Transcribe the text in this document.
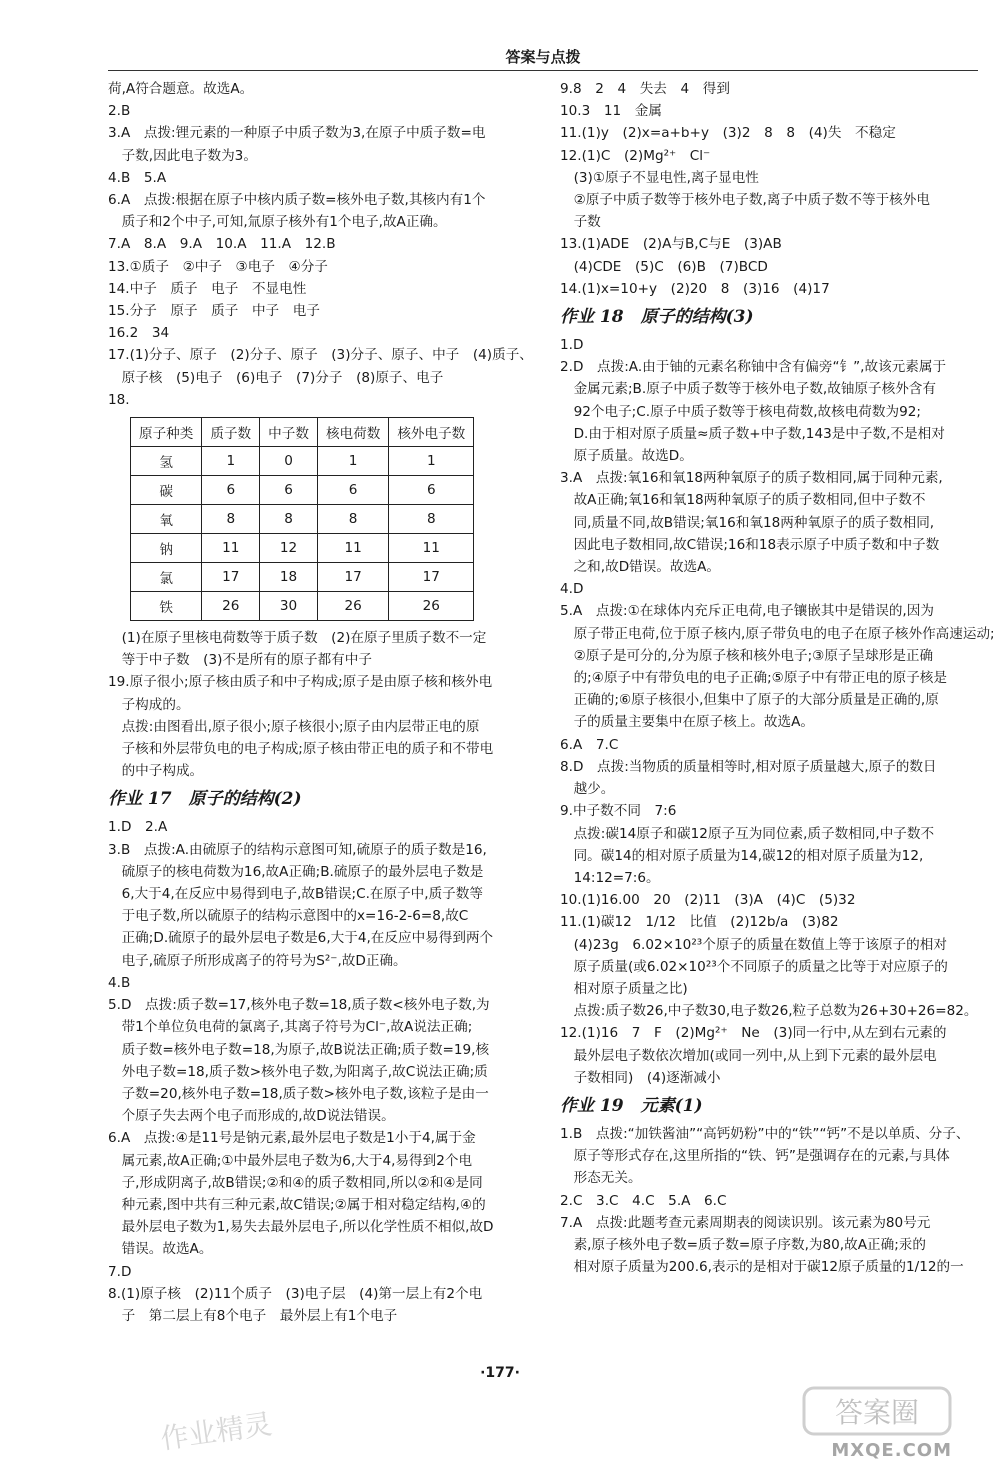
答案与点拨

荷,A符合题意。故选A。

2.B

3.A　点拨:锂元素的一种原子中质子数为3,在原子中质子数=电

　子数,因此电子数为3。

4.B　5.A

6.A　点拨:根据在原子中核内质子数=核外电子数,其核内有1个

　质子和2个中子,可知,氚原子核外有1个电子,故A正确。

7.A　8.A　9.A　10.A　11.A　12.B

13.①质子　②中子　③电子　④分子

14.中子　质子　电子　不显电性

15.分子　原子　质子　中子　电子

16.2　34

17.(1)分子、原子　(2)分子、原子　(3)分子、原子、中子　(4)质子、

　原子核　(5)电子　(6)电子　(7)分子　(8)原子、电子

18.

原子种类	质子数	中子数	核电荷数	核外电子数
氢	1	0	1	1
碳	6	6	6	6
氧	8	8	8	8
钠	11	12	11	11
氯	17	18	17	17
铁	26	30	26	26

　(1)在原子里核电荷数等于质子数　(2)在原子里质子数不一定

　等于中子数　(3)不是所有的原子都有中子

19.原子很小;原子核由质子和中子构成;原子是由原子核和核外电

　子构成的。

　点拨:由图看出,原子很小;原子核很小;原子由内层带正电的原

　子核和外层带负电的电子构成;原子核由带正电的质子和不带电

　的中子构成。

作业 17　原子的结构(2)

1.D　2.A

3.B　点拨:A.由硫原子的结构示意图可知,硫原子的质子数是16,

　硫原子的核电荷数为16,故A正确;B.硫原子的最外层电子数是

　6,大于4,在反应中易得到电子,故B错误;C.在原子中,质子数等

　于电子数,所以硫原子的结构示意图中的x=16-2-6=8,故C

　正确;D.硫原子的最外层电子数是6,大于4,在反应中易得到两个

　电子,硫原子所形成离子的符号为S²⁻,故D正确。

4.B

5.D　点拨:质子数=17,核外电子数=18,质子数<核外电子数,为

　带1个单位负电荷的氯离子,其离子符号为Cl⁻,故A说法正确;

　质子数=核外电子数=18,为原子,故B说法正确;质子数=19,核

　外电子数=18,质子数>核外电子数,为阳离子,故C说法正确;质

　子数=20,核外电子数=18,质子数>核外电子数,该粒子是由一

　个原子失去两个电子而形成的,故D说法错误。

6.A　点拨:④是11号是钠元素,最外层电子数是1小于4,属于金

　属元素,故A正确;①中最外层电子数为6,大于4,易得到2个电

　子,形成阴离子,故B错误;②和④的质子数相同,所以②和④是同

　种元素,图中共有三种元素,故C错误;②属于相对稳定结构,④的

　最外层电子数为1,易失去最外层电子,所以化学性质不相似,故D

　错误。故选A。

7.D

8.(1)原子核　(2)11个质子　(3)电子层　(4)第一层上有2个电

　子　第二层上有8个电子　最外层上有1个电子

9.8　2　4　失去　4　得到

10.3　11　金属

11.(1)y　(2)x=a+b+y　(3)2　8　8　(4)失　不稳定

12.(1)C　(2)Mg²⁺　Cl⁻

　(3)①原子不显电性,离子显电性

　②原子中质子数等于核外电子数,离子中质子数不等于核外电

　子数

13.(1)ADE　(2)A与B,C与E　(3)AB

　(4)CDE　(5)C　(6)B　(7)BCD

14.(1)x=10+y　(2)20　8　(3)16　(4)17

作业 18　原子的结构(3)

1.D

2.D　点拨:A.由于铀的元素名称铀中含有偏旁“钅”,故该元素属于

　金属元素;B.原子中质子数等于核外电子数,故铀原子核外含有

　92个电子;C.原子中质子数等于核电荷数,故核电荷数为92;

　D.由于相对原子质量≈质子数+中子数,143是中子数,不是相对

　原子质量。故选D。

3.A　点拨:氧16和氧18两种氧原子的质子数相同,属于同种元素,

　故A正确;氧16和氧18两种氧原子的质子数相同,但中子数不

　同,质量不同,故B错误;氧16和氧18两种氧原子的质子数相同,

　因此电子数相同,故C错误;16和18表示原子中质子数和中子数

　之和,故D错误。故选A。

4.D

5.A　点拨:①在球体内充斥正电荷,电子镶嵌其中是错误的,因为

　原子带正电荷,位于原子核内,原子带负电的电子在原子核外作高速运动;

　②原子是可分的,分为原子核和核外电子;③原子呈球形是正确

　的;④原子中有带负电的电子正确;⑤原子中有带正电的原子核是

　正确的;⑥原子核很小,但集中了原子的大部分质量是正确的,原

　子的质量主要集中在原子核上。故选A。

6.A　7.C

8.D　点拨:当物质的质量相等时,相对原子质量越大,原子的数日

　越少。

9.中子数不同　7:6

　点拨:碳14原子和碳12原子互为同位素,质子数相同,中子数不

　同。碳14的相对原子质量为14,碳12的相对原子质量为12,

　14:12=7:6。

10.(1)16.00　20　(2)11　(3)A　(4)C　(5)32

11.(1)碳12　1/12　比值　(2)12b/a　(3)82

　(4)23g　6.02×10²³个原子的质量在数值上等于该原子的相对

　原子质量(或6.02×10²³个不同原子的质量之比等于对应原子的

　相对原子质量之比)

　点拨:质子数26,中子数30,电子数26,粒子总数为26+30+26=82。

12.(1)16　7　F　(2)Mg²⁺　Ne　(3)同一行中,从左到右元素的

　最外层电子数依次增加(或同一列中,从上到下元素的最外层电

　子数相同)　(4)逐渐减小

作业 19　元素(1)

1.B　点拨:“加铁酱油”“高钙奶粉”中的“铁”“钙”不是以单质、分子、

　原子等形式存在,这里所指的“铁、钙”是强调存在的元素,与具体

　形态无关。

2.C　3.C　4.C　5.A　6.C

7.A　点拨:此题考查元素周期表的阅读识别。该元素为80号元

　素,原子核外电子数=质子数=原子序数,为80,故A正确;汞的

　相对原子质量为200.6,表示的是相对于碳12原子质量的1/12的一

·177·
答案圈
MXQE.COM
作业精灵
